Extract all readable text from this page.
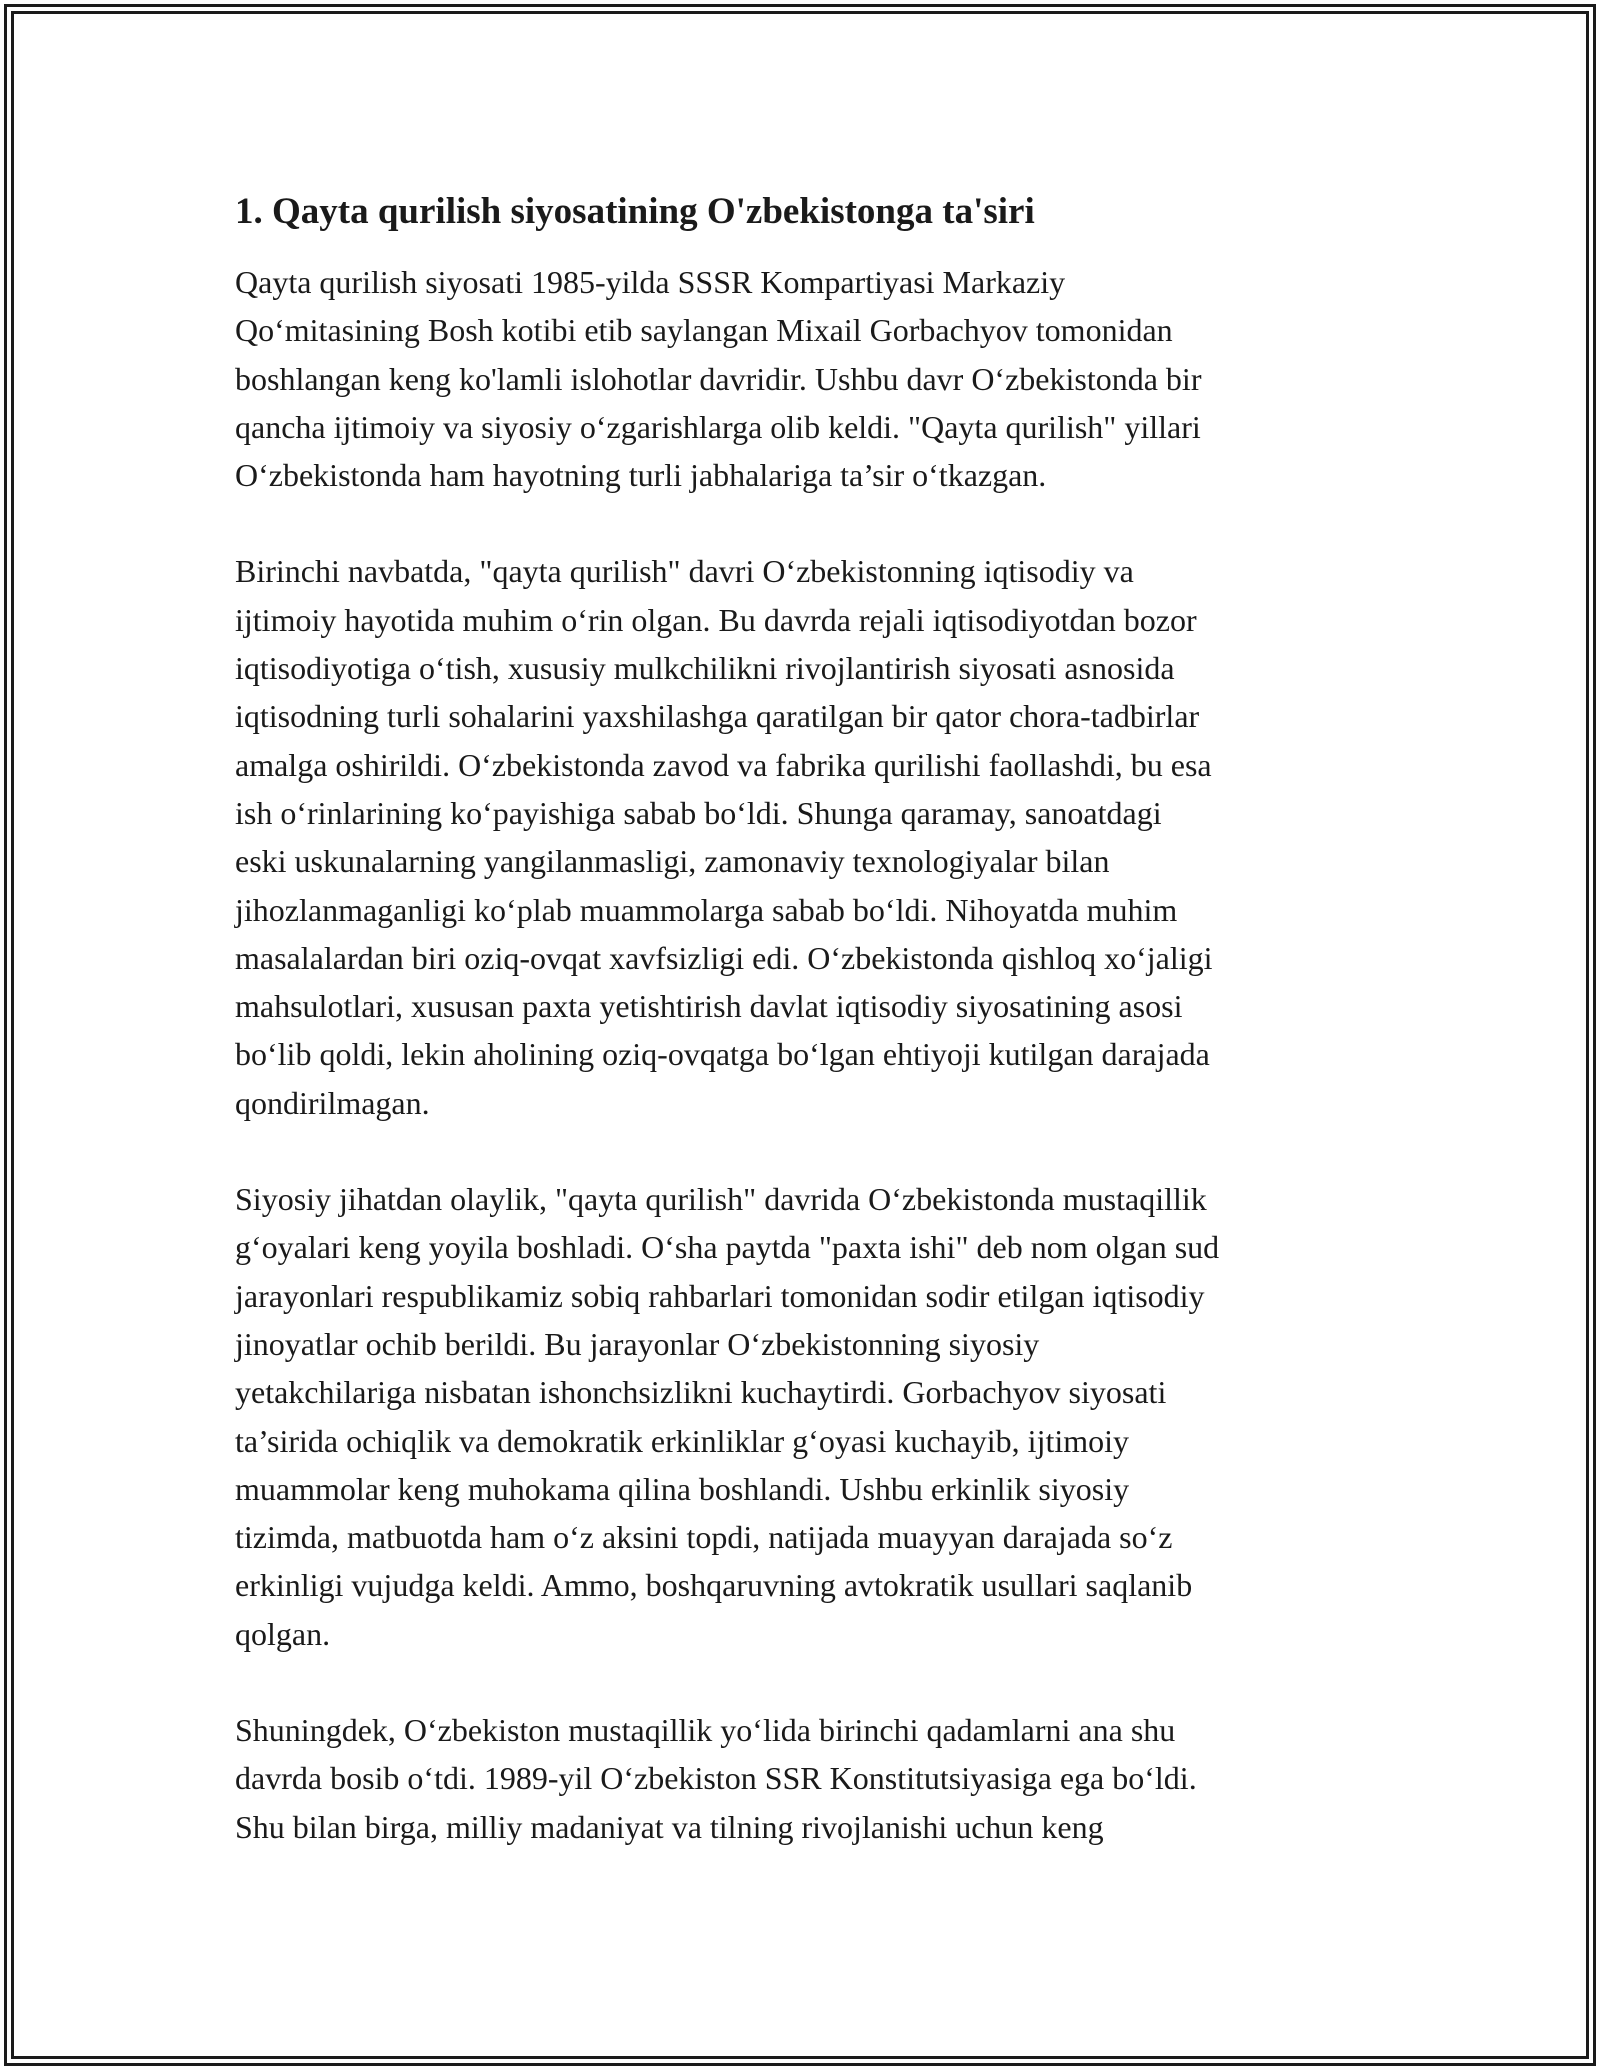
1. Qayta qurilish siyosatining O'zbekistonga ta'siri

Qayta qurilish siyosati 1985-yilda SSSR Kompartiyasi Markaziy
Qo‘mitasining Bosh kotibi etib saylangan Mixail Gorbachyov tomonidan
boshlangan keng ko'lamli islohotlar davridir. Ushbu davr O‘zbekistonda bir
qancha ijtimoiy va siyosiy o‘zgarishlarga olib keldi. "Qayta qurilish" yillari
O‘zbekistonda ham hayotning turli jabhalariga ta’sir o‘tkazgan.

Birinchi navbatda, "qayta qurilish" davri O‘zbekistonning iqtisodiy va
ijtimoiy hayotida muhim o‘rin olgan. Bu davrda rejali iqtisodiyotdan bozor
iqtisodiyotiga o‘tish, xususiy mulkchilikni rivojlantirish siyosati asnosida
iqtisodning turli sohalarini yaxshilashga qaratilgan bir qator chora-tadbirlar
amalga oshirildi. O‘zbekistonda zavod va fabrika qurilishi faollashdi, bu esa
ish o‘rinlarining ko‘payishiga sabab bo‘ldi. Shunga qaramay, sanoatdagi
eski uskunalarning yangilanmasligi, zamonaviy texnologiyalar bilan
jihozlanmaganligi ko‘plab muammolarga sabab bo‘ldi. Nihoyatda muhim
masalalardan biri oziq-ovqat xavfsizligi edi. O‘zbekistonda qishloq xo‘jaligi
mahsulotlari, xususan paxta yetishtirish davlat iqtisodiy siyosatining asosi
bo‘lib qoldi, lekin aholining oziq-ovqatga bo‘lgan ehtiyoji kutilgan darajada
qondirilmagan.

Siyosiy jihatdan olaylik, "qayta qurilish" davrida O‘zbekistonda mustaqillik
g‘oyalari keng yoyila boshladi. O‘sha paytda "paxta ishi" deb nom olgan sud
jarayonlari respublikamiz sobiq rahbarlari tomonidan sodir etilgan iqtisodiy
jinoyatlar ochib berildi. Bu jarayonlar O‘zbekistonning siyosiy
yetakchilariga nisbatan ishonchsizlikni kuchaytirdi. Gorbachyov siyosati
ta’sirida ochiqlik va demokratik erkinliklar g‘oyasi kuchayib, ijtimoiy
muammolar keng muhokama qilina boshlandi. Ushbu erkinlik siyosiy
tizimda, matbuotda ham o‘z aksini topdi, natijada muayyan darajada so‘z
erkinligi vujudga keldi. Ammo, boshqaruvning avtokratik usullari saqlanib
qolgan.

Shuningdek, O‘zbekiston mustaqillik yo‘lida birinchi qadamlarni ana shu
davrda bosib o‘tdi. 1989-yil O‘zbekiston SSR Konstitutsiyasiga ega bo‘ldi.
Shu bilan birga, milliy madaniyat va tilning rivojlanishi uchun keng
